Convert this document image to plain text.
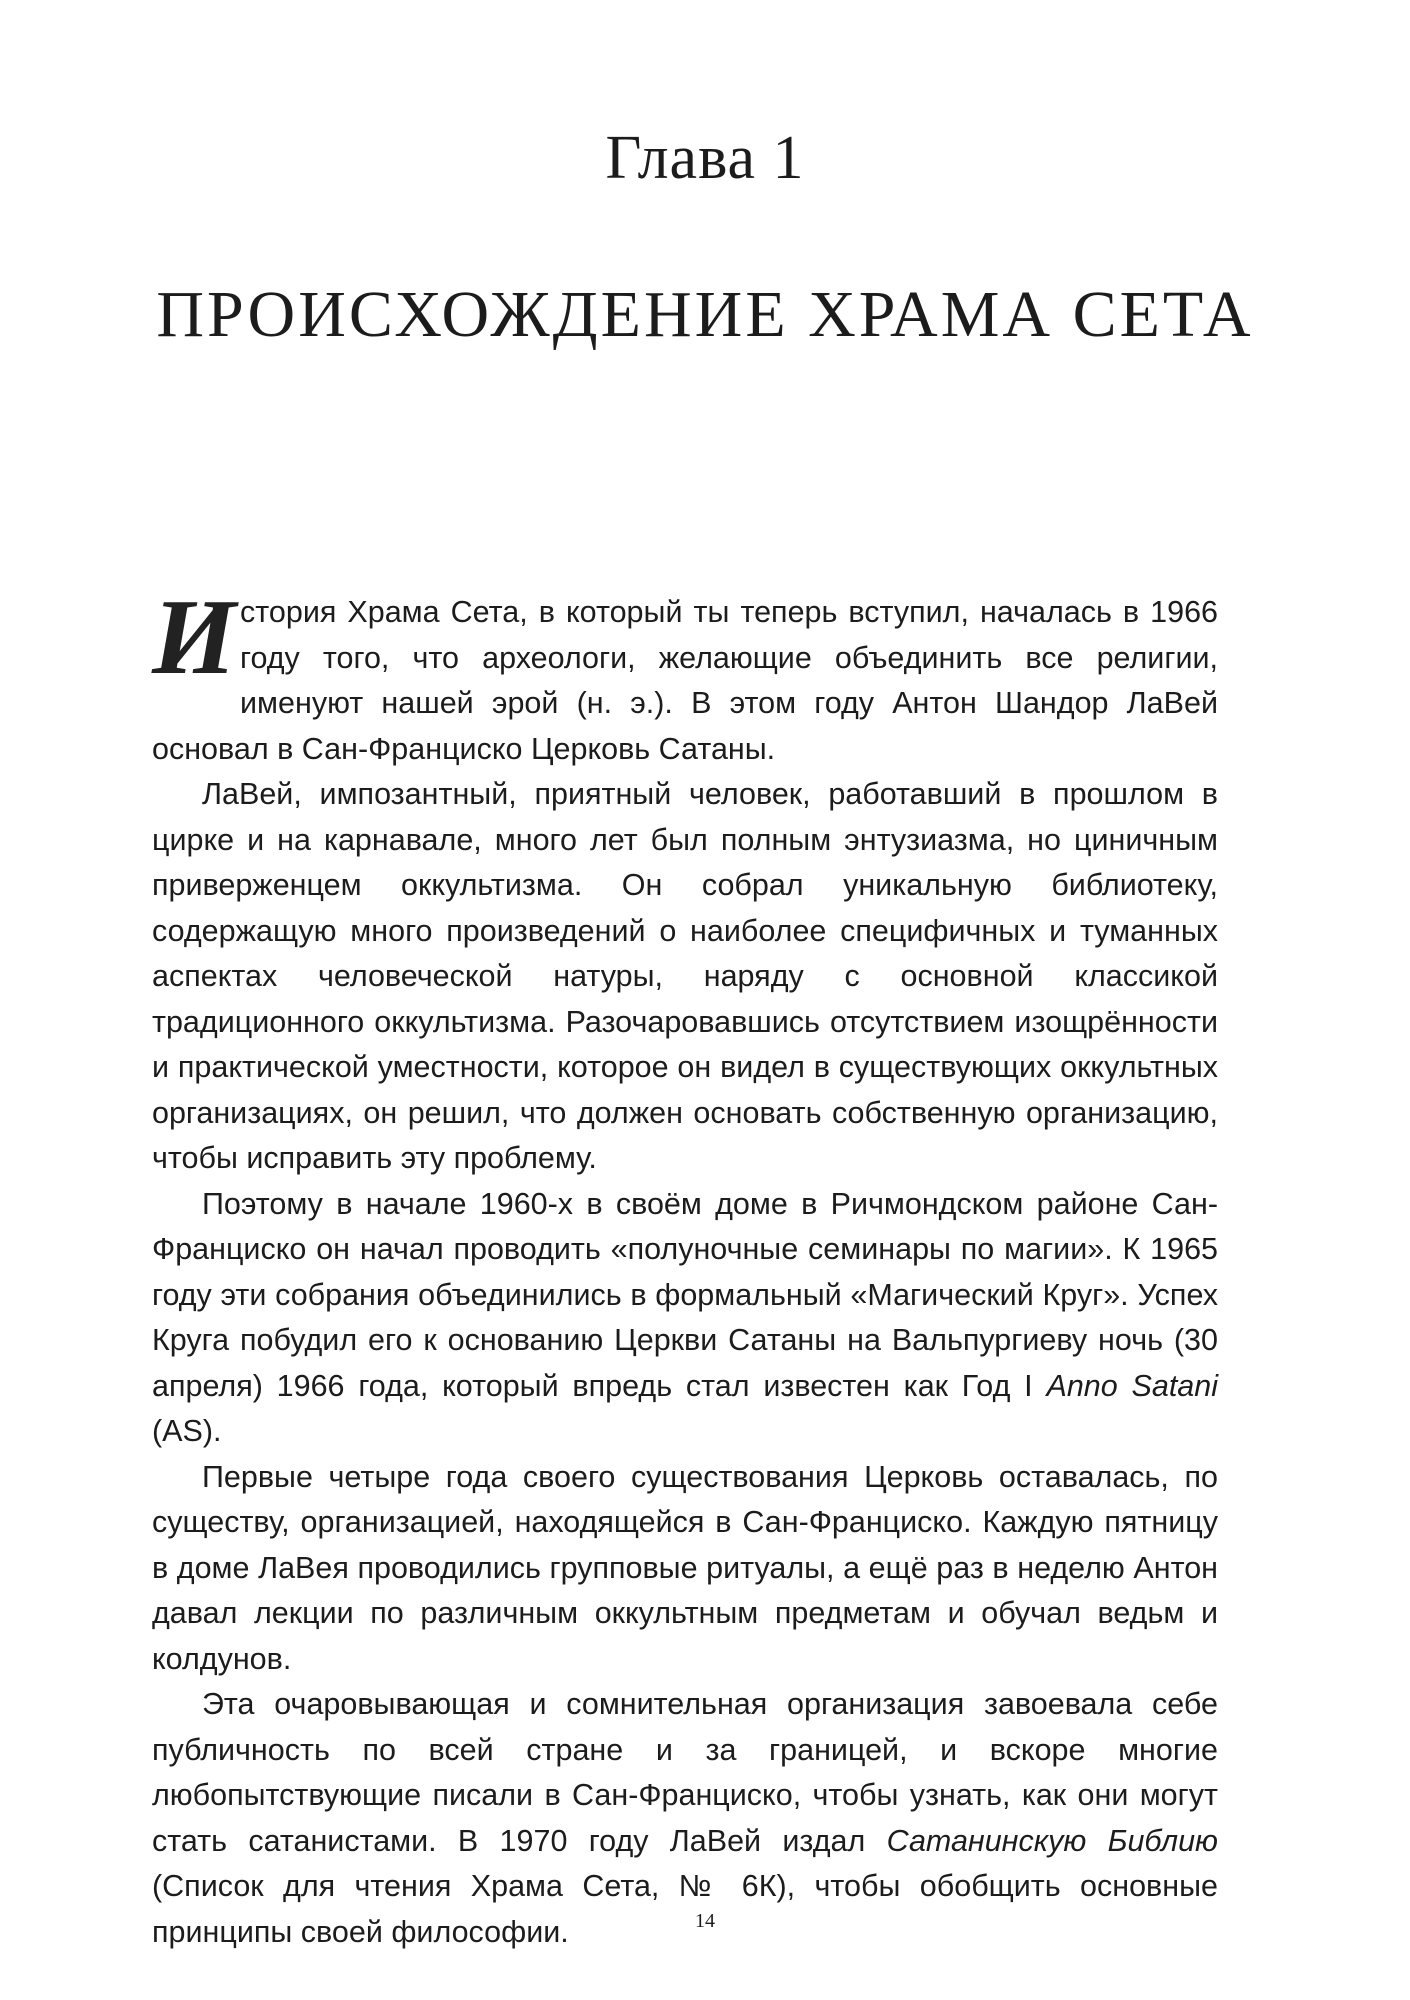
Глава 1
ПРОИСХОЖДЕНИЕ ХРАМА СЕТА

История Храма Сета, в который ты теперь вступил, началась в 1966 году того, что археологи, желающие объединить все религии, именуют нашей эрой (н. э.). В этом году Антон Шандор ЛаВей основал в Сан-Франциско Церковь Сатаны.

ЛаВей, импозантный, приятный человек, работавший в прошлом в цирке и на карнавале, много лет был полным энтузиазма, но циничным приверженцем оккультизма. Он собрал уникальную библиотеку, содержащую много произведений о наиболее специфичных и туманных аспектах человеческой натуры, наряду с основной классикой традиционного оккультизма. Разочаровавшись отсутствием изощрённости и практической уместности, которое он видел в существующих оккультных организациях, он решил, что должен основать собственную организацию, чтобы исправить эту проблему.

Поэтому в начале 1960-х в своём доме в Ричмондском районе Сан-Франциско он начал проводить «полуночные семинары по магии». К 1965 году эти собрания объединились в формальный «Магический Круг». Успех Круга побудил его к основанию Церкви Сатаны на Вальпургиеву ночь (30 апреля) 1966 года, который впредь стал известен как Год I Anno Satani (AS).

Первые четыре года своего существования Церковь оставалась, по существу, организацией, находящейся в Сан-Франциско. Каждую пятницу в доме ЛаВея проводились групповые ритуалы, а ещё раз в неделю Антон давал лекции по различным оккультным предметам и обучал ведьм и колдунов.

Эта очаровывающая и сомнительная организация завоевала себе публичность по всей стране и за границей, и вскоре многие любопытствующие писали в Сан-Франциско, чтобы узнать, как они могут стать сатанистами. В 1970 году ЛаВей издал Сатанинскую Библию (Список для чтения Храма Сета, № 6К), чтобы обобщить основные принципы своей философии.	14
